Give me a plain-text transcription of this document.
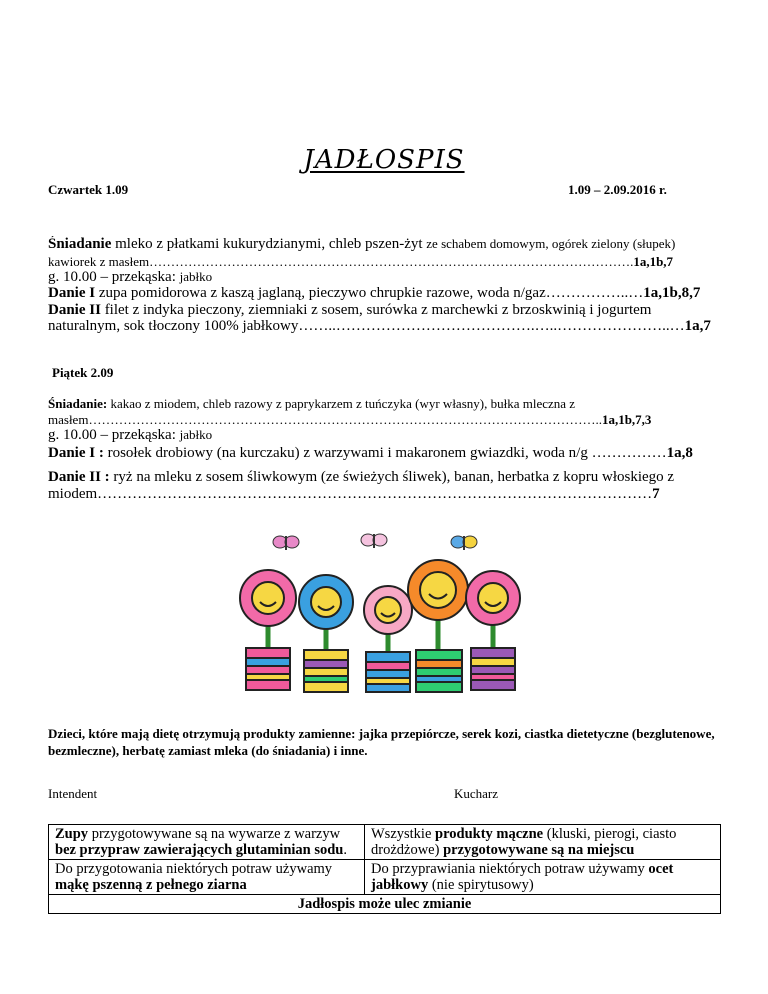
JADŁOSPIS
Czwartek 1.09	1.09 – 2.09.2016 r.
Śniadanie mleko z płatkami kukurydzianymi, chleb pszen-żyt ze schabem domowym, ogórek zielony (słupek)
kawiorek z masłem………………………………………………………………………………………………….1a,1b,7
g. 10.00 – przekąska: jabłko
Danie I zupa pomidorowa z kaszą jaglaną, pieczywo chrupkie razowe, woda n/gaz……………..…1a,1b,8,7
Danie II filet z indyka pieczony, ziemniaki z sosem, surówka z marchewki z brzoskwinią i jogurtem
naturalnym, sok tłoczony 100% jabłkowy……..………………………………….…..…………………..…1a,7
Piątek 2.09
Śniadanie: kakao z miodem, chleb razowy z paprykarzem z tuńczyka (wyr własny), bułka mleczna z
masłem………………………………………………………………………………………………………..1a,1b,7,3
g. 10.00 – przekąska: jabłko
Danie I : rosołek drobiowy (na kurczaku) z warzywami i makaronem gwiazdki, woda n/g ……………1a,8
Danie II : ryż na mleku z sosem śliwkowym (ze świeżych śliwek), banan, herbatka z kopru włoskiego z
miodem…………………………………………………………………………………………………7
Dzieci, które mają dietę otrzymują produkty zamienne: jajka przepiórcze, serek kozi, ciastka dietetyczne (bezglutenowe, bezmleczne), herbatę zamiast mleka (do śniadania) i inne.
Intendent	Kucharz
Zupy przygotowywane są na wywarze z warzyw bez przypraw zawierających glutaminian sodu.	Wszystkie produkty mączne (kluski, pierogi, ciasto drożdżowe) przygotowywane są na miejscu
Do przygotowania niektórych potraw używamy mąkę pszenną z pełnego ziarna	Do przyprawiania niektórych potraw używamy ocet jabłkowy (nie spirytusowy)
Jadłospis może ulec zmianie	
